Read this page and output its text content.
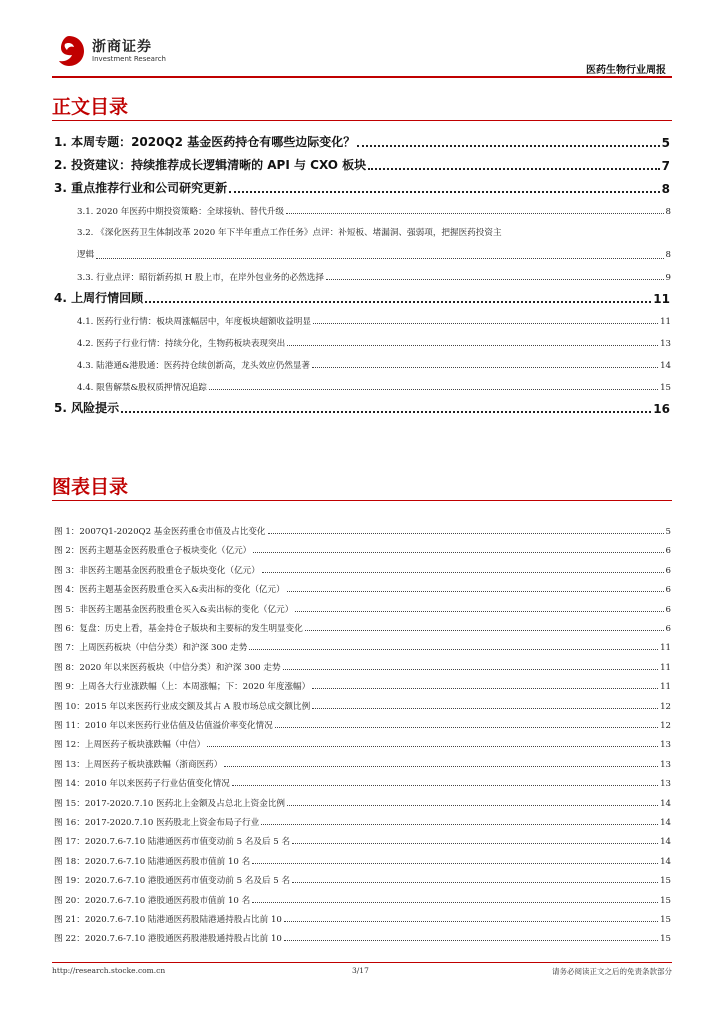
浙商证券
Investment Research
医药生物行业周报
正文目录
1. 本周专题：2020Q2 基金医药持仓有哪些边际变化？	5
2. 投资建议：持续推荐成长逻辑清晰的 API 与 CXO 板块	7
3. 重点推荐行业和公司研究更新	8
3.1. 2020 年医药中期投资策略：全球接轨、替代升级	8
3.2. 《深化医药卫生体制改革 2020 年下半年重点工作任务》点评：补短板、堵漏洞、强弱项，把握医药投资主
逻辑	8
3.3. 行业点评：昭衍新药拟 H 股上市，在岸外包业务的必然选择	9
4. 上周行情回顾	11
4.1. 医药行业行情：板块周涨幅居中，年度板块超额收益明显	11
4.2. 医药子行业行情：持续分化，生物药板块表现突出	13
4.3. 陆港通&港股通：医药持仓续创新高，龙头效应仍然显著	14
4.4. 限售解禁&股权质押情况追踪	15
5. 风险提示	16
图表目录
图 1：2007Q1-2020Q2 基金医药重仓市值及占比变化	5
图 2：医药主题基金医药股重仓子板块变化（亿元）	6
图 3：非医药主题基金医药股重仓子版块变化（亿元）	6
图 4：医药主题基金医药股重仓买入&卖出标的变化（亿元）	6
图 5：非医药主题基金医药股重仓买入&卖出标的变化（亿元）	6
图 6：复盘：历史上看，基金持仓子版块和主要标的发生明显变化	6
图 7：上周医药板块（中信分类）和沪深 300 走势	11
图 8：2020 年以来医药板块（中信分类）和沪深 300 走势	11
图 9：上周各大行业涨跌幅（上：本周涨幅；下：2020 年度涨幅）	11
图 10：2015 年以来医药行业成交额及其占 A 股市场总成交额比例	12
图 11：2010 年以来医药行业估值及估值溢价率变化情况	12
图 12：上周医药子板块涨跌幅（中信）	13
图 13：上周医药子板块涨跌幅（浙商医药）	13
图 14：2010 年以来医药子行业估值变化情况	13
图 15：2017-2020.7.10 医药北上金额及占总北上资金比例	14
图 16：2017-2020.7.10 医药股北上资金布局子行业	14
图 17：2020.7.6-7.10 陆港通医药市值变动前 5 名及后 5 名	14
图 18：2020.7.6-7.10 陆港通医药股市值前 10 名	14
图 19：2020.7.6-7.10 港股通医药市值变动前 5 名及后 5 名	15
图 20：2020.7.6-7.10 港股通医药股市值前 10 名	15
图 21：2020.7.6-7.10 陆港通医药股陆港通持股占比前 10	15
图 22：2020.7.6-7.10 港股通医药股港股通持股占比前 10	15
http://research.stocke.com.cn	3/17	请务必阅读正文之后的免责条款部分
